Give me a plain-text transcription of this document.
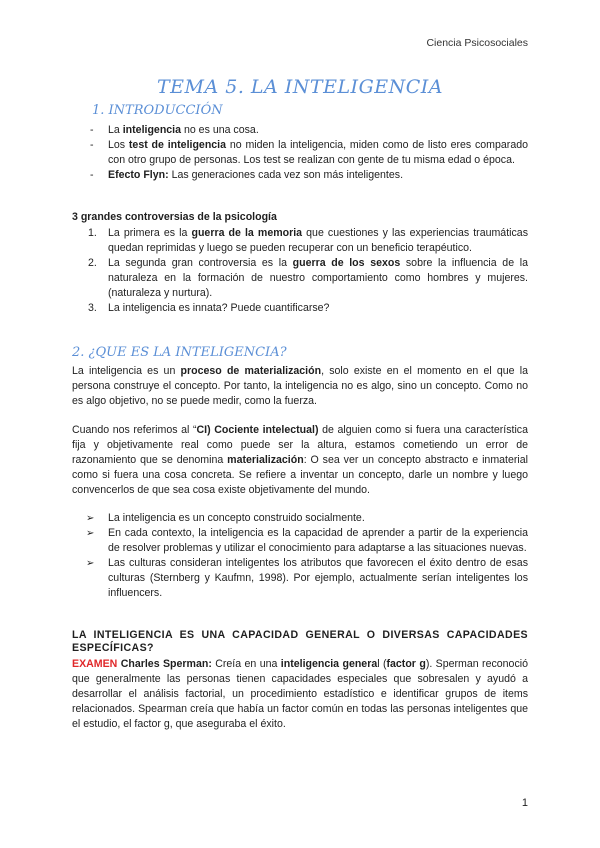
Ciencia Psicosociales
TEMA 5. LA INTELIGENCIA
1. INTRODUCCIÓN
- La inteligencia no es una cosa.
- Los test de inteligencia no miden la inteligencia, miden como de listo eres comparado con otro grupo de personas. Los test se realizan con gente de tu misma edad o época.
- Efecto Flyn: Las generaciones cada vez son más inteligentes.
3 grandes controversias de la psicología
1. La primera es la guerra de la memoria que cuestiones y las experiencias traumáticas quedan reprimidas y luego se pueden recuperar con un beneficio terapéutico.
2. La segunda gran controversia es la guerra de los sexos sobre la influencia de la naturaleza en la formación de nuestro comportamiento como hombres y mujeres. (naturaleza y nurtura).
3. La inteligencia es innata? Puede cuantificarse?
2. ¿QUE ES LA INTELIGENCIA?
La inteligencia es un proceso de materialización, solo existe en el momento en el que la persona construye el concepto. Por tanto, la inteligencia no es algo, sino un concepto. Como no es algo objetivo, no se puede medir, como la fuerza.
Cuando nos referimos al “CI) Cociente intelectual) de alguien como si fuera una característica fija y objetivamente real como puede ser la altura, estamos cometiendo un error de razonamiento que se denomina materialización: O sea ver un concepto abstracto e inmaterial como si fuera una cosa concreta. Se refiere a inventar un concepto, darle un nombre y luego convencerlos de que sea cosa existe objetivamente del mundo.
➢ La inteligencia es un concepto construido socialmente.
➢ En cada contexto, la inteligencia es la capacidad de aprender a partir de la experiencia de resolver problemas y utilizar el conocimiento para adaptarse a las situaciones nuevas.
➢ Las culturas consideran inteligentes los atributos que favorecen el éxito dentro de esas culturas (Sternberg y Kaufmn, 1998). Por ejemplo, actualmente serían inteligentes los influencers.
LA INTELIGENCIA ES UNA CAPACIDAD GENERAL O DIVERSAS CAPACIDADES ESPECÍFICAS?
EXAMEN Charles Sperman: Creía en una inteligencia general (factor g). Sperman reconoció que generalmente las personas tienen capacidades especiales que sobresalen y ayudó a desarrollar el análisis factorial, un procedimiento estadístico e identificar grupos de items relacionados. Spearman creía que había un factor común en todas las personas inteligentes que el estudio, el factor g, que aseguraba el éxito.
1
